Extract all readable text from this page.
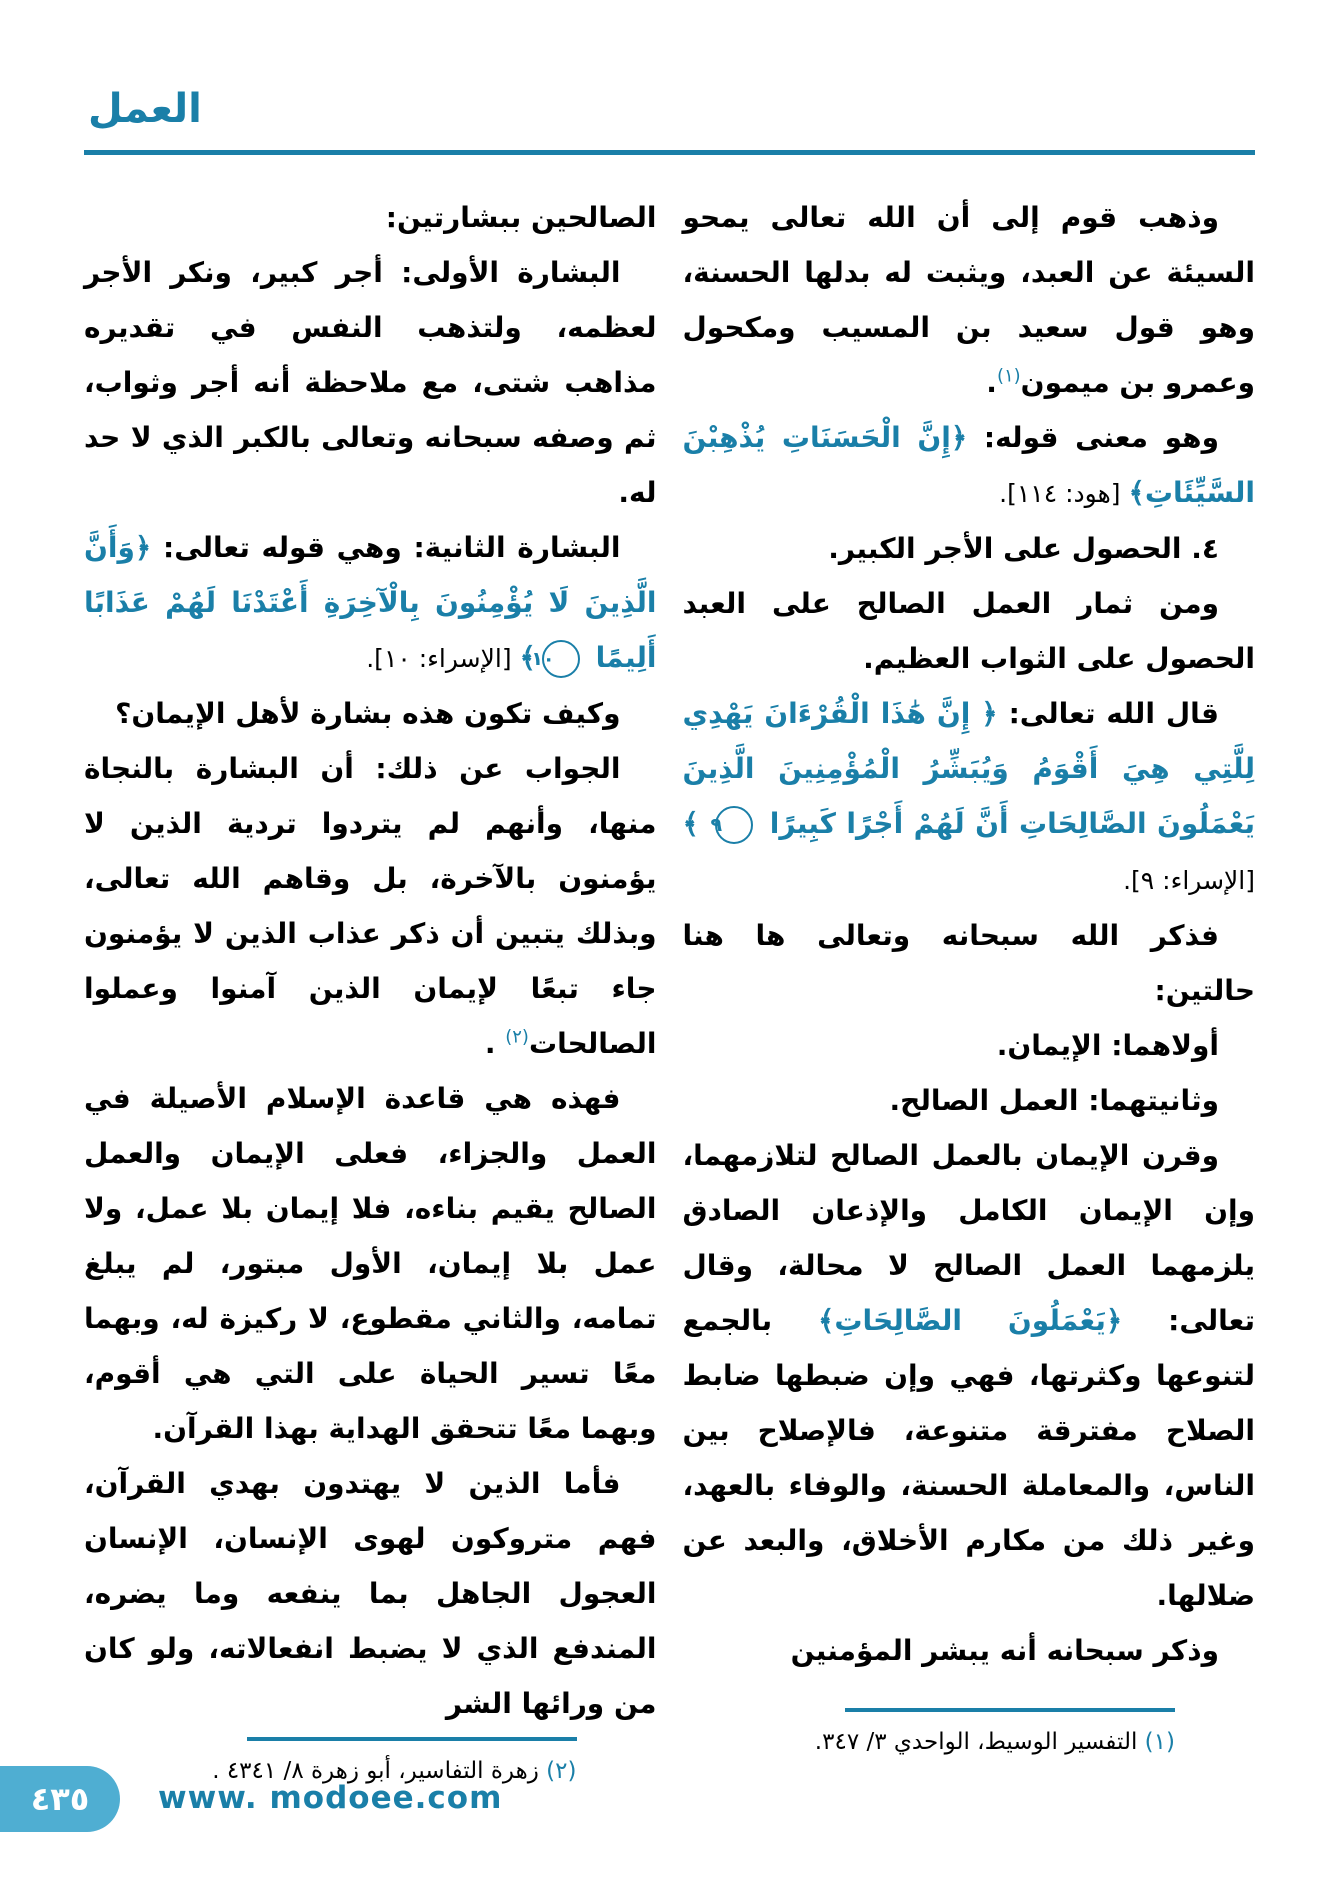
العمل

وذهب قوم إلى أن الله تعالى يمحو السيئة عن العبد، ويثبت له بدلها الحسنة، وهو قول سعيد بن المسيب ومكحول وعمرو بن ميمون$^{(١)}$.

وهو معنى قوله: ﴿إِنَّ الْحَسَنَاتِ يُذْهِبْنَ السَّيِّئَاتِ﴾ [هود: ١١٤].

٤. الحصول على الأجر الكبير.

ومن ثمار العمل الصالح على العبد الحصول على الثواب العظيم.

قال الله تعالى: ﴿ إِنَّ هَٰذَا الْقُرْءَانَ يَهْدِي لِلَّتِي هِيَ أَقْوَمُ وَيُبَشِّرُ الْمُؤْمِنِينَ الَّذِينَ يَعْمَلُونَ الصَّالِحَاتِ أَنَّ لَهُمْ أَجْرًا كَبِيرًا ٩ ﴾ [الإسراء: ٩].

فذكر الله سبحانه وتعالى ها هنا حالتين:

أولاهما: الإيمان.

وثانيتهما: العمل الصالح.

وقرن الإيمان بالعمل الصالح لتلازمهما، وإن الإيمان الكامل والإذعان الصادق يلزمهما العمل الصالح لا محالة، وقال تعالى: ﴿يَعْمَلُونَ الصَّالِحَاتِ﴾ بالجمع لتنوعها وكثرتها، فهي وإن ضبطها ضابط الصلاح مفترقة متنوعة، فالإصلاح بين الناس، والمعاملة الحسنة، والوفاء بالعهد، وغير ذلك من مكارم الأخلاق، والبعد عن ضلالها.

وذكر سبحانه أنه يبشر المؤمنين

(١) التفسير الوسيط، الواحدي ٣/ ٣٤٧.

الصالحين ببشارتين:

البشارة الأولى: أجر كبير، ونكر الأجر لعظمه، ولتذهب النفس في تقديره مذاهب شتى، مع ملاحظة أنه أجر وثواب، ثم وصفه سبحانه وتعالى بالكبر الذي لا حد له.

البشارة الثانية: وهي قوله تعالى: ﴿وَأَنَّ الَّذِينَ لَا يُؤْمِنُونَ بِالْآخِرَةِ أَعْتَدْنَا لَهُمْ عَذَابًا أَلِيمًا ١٠﴾ [الإسراء: ١٠].

وكيف تكون هذه بشارة لأهل الإيمان؟

الجواب عن ذلك: أن البشارة بالنجاة منها، وأنهم لم يتردوا تردية الذين لا يؤمنون بالآخرة، بل وقاهم الله تعالى، وبذلك يتبين أن ذكر عذاب الذين لا يؤمنون جاء تبعًا لإيمان الذين آمنوا وعملوا الصالحات$^{(٢)}$ .

فهذه هي قاعدة الإسلام الأصيلة في العمل والجزاء، فعلى الإيمان والعمل الصالح يقيم بناءه، فلا إيمان بلا عمل، ولا عمل بلا إيمان، الأول مبتور، لم يبلغ تمامه، والثاني مقطوع، لا ركيزة له، وبهما معًا تسير الحياة على التي هي أقوم، وبهما معًا تتحقق الهداية بهذا القرآن.

فأما الذين لا يهتدون بهدي القرآن، فهم متروكون لهوى الإنسان، الإنسان العجول الجاهل بما ينفعه وما يضره، المندفع الذي لا يضبط انفعالاته، ولو كان من ورائها الشر

(٢) زهرة التفاسير، أبو زهرة ٨/ ٤٣٤١ .

٤٣٥ www. modoee.com
